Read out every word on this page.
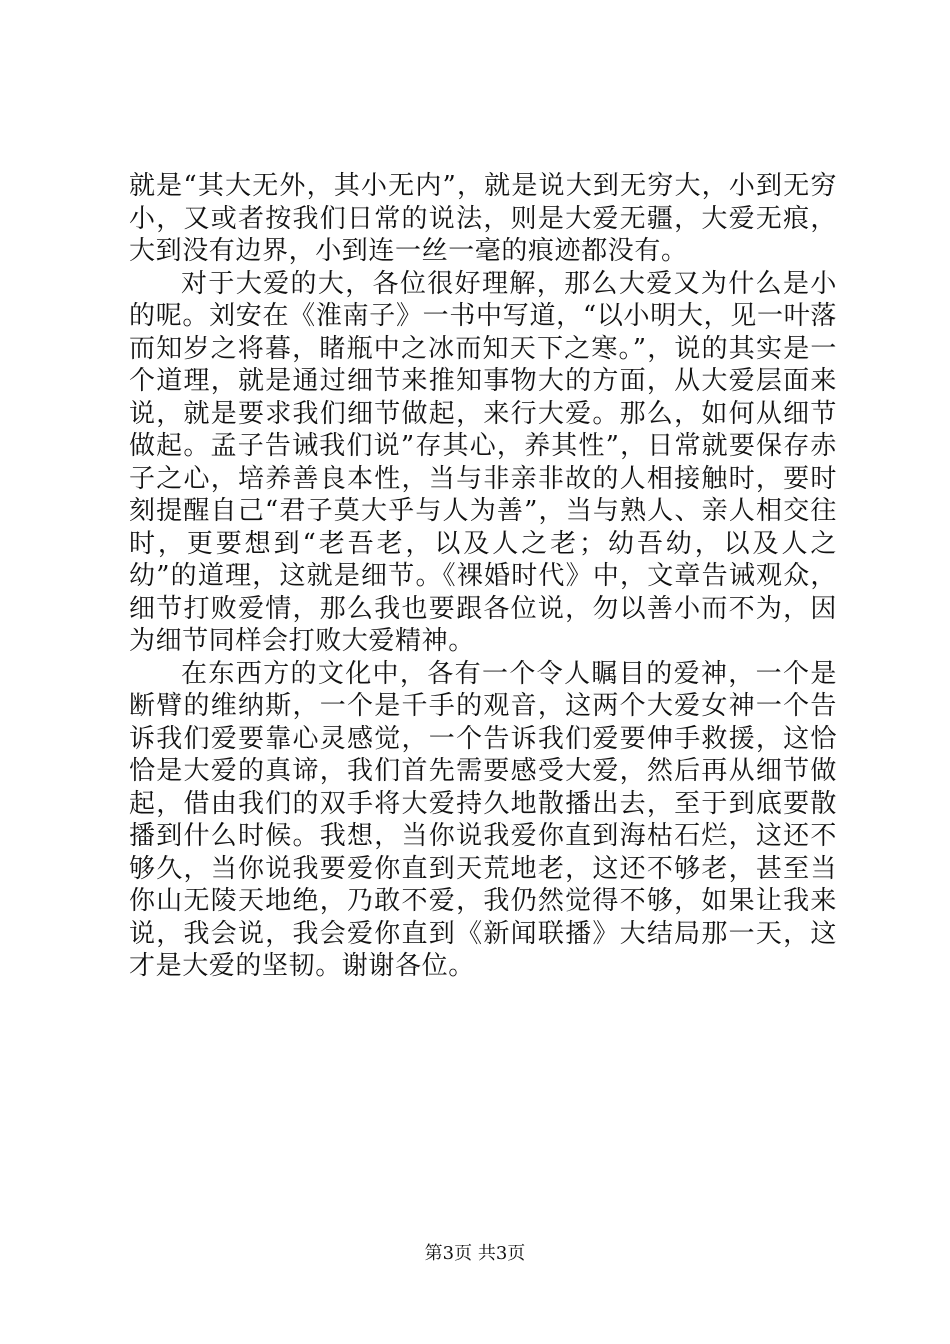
就是“其大无外，其小无内”，就是说大到无穷大，小到无穷小，又或者按我们日常的说法，则是大爱无疆，大爱无痕，大到没有边界，小到连一丝一毫的痕迹都没有。

对于大爱的大，各位很好理解，那么大爱又为什么是小的呢。刘安在《淮南子》一书中写道，“以小明大，见一叶落而知岁之将暮，睹瓶中之冰而知天下之寒。”，说的其实是一个道理，就是通过细节来推知事物大的方面，从大爱层面来说，就是要求我们细节做起，来行大爱。那么，如何从细节做起。孟子告诫我们说”存其心，养其性”，日常就要保存赤子之心，培养善良本性，当与非亲非故的人相接触时，要时刻提醒自己“君子莫大乎与人为善”，当与熟人、亲人相交往时，更要想到“老吾老，以及人之老；幼吾幼，以及人之幼”的道理，这就是细节。《裸婚时代》中，文章告诫观众，细节打败爱情，那么我也要跟各位说，勿以善小而不为，因为细节同样会打败大爱精神。

在东西方的文化中，各有一个令人瞩目的爱神，一个是断臂的维纳斯，一个是千手的观音，这两个大爱女神一个告诉我们爱要靠心灵感觉，一个告诉我们爱要伸手救援，这恰恰是大爱的真谛，我们首先需要感受大爱，然后再从细节做起，借由我们的双手将大爱持久地散播出去，至于到底要散播到什么时候。我想，当你说我爱你直到海枯石烂，这还不够久，当你说我要爱你直到天荒地老，这还不够老，甚至当你山无陵天地绝，乃敢不爱，我仍然觉得不够，如果让我来说，我会说，我会爱你直到《新闻联播》大结局那一天，这才是大爱的坚韧。谢谢各位。

第3页 共3页
